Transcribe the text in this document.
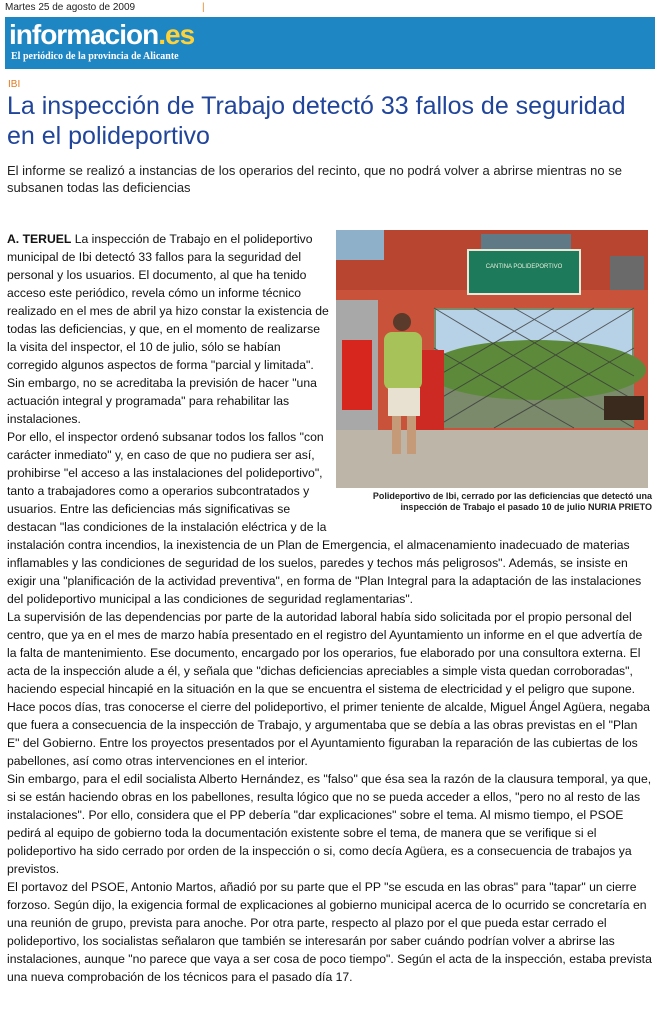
Martes 25 de agosto de 2009	|
informacion.es
El periódico de la provincia de Alicante
IBI
La inspección de Trabajo detectó 33 fallos de seguridad en el polideportivo
El informe se realizó a instancias de los operarios del recinto, que no podrá volver a abrirse mientras no se subsanen todas las deficiencias
CANTINA POLIDEPORTIVO
Polideportivo de Ibi, cerrado por las deficiencias que detectó una inspección de Trabajo el pasado 10 de julio NURIA PRIETO

A. TERUEL La inspección de Trabajo en el polideportivo municipal de Ibi detectó 33 fallos para la seguridad del personal y los usuarios. El documento, al que ha tenido acceso este periódico, revela cómo un informe técnico realizado en el mes de abril ya hizo constar la existencia de todas las deficiencias, y que, en el momento de realizarse la visita del inspector, el 10 de julio, sólo se habían corregido algunos aspectos de forma "parcial y limitada". Sin embargo, no se acreditaba la previsión de hacer "una actuación integral y programada" para rehabilitar las instalaciones.

Por ello, el inspector ordenó subsanar todos los fallos "con carácter inmediato" y, en caso de que no pudiera ser así, prohibirse "el acceso a las instalaciones del polideportivo", tanto a trabajadores como a operarios subcontratados y usuarios. Entre las deficiencias más significativas se destacan "las condiciones de la instalación eléctrica y de la instalación contra incendios, la inexistencia de un Plan de Emergencia, el almacenamiento inadecuado de materias inflamables y las condiciones de seguridad de los suelos, paredes y techos más peligrosos". Además, se insiste en exigir una "planificación de la actividad preventiva", en forma de "Plan Integral para la adaptación de las instalaciones del polideportivo municipal a las condiciones de seguridad reglamentarias".

La supervisión de las dependencias por parte de la autoridad laboral había sido solicitada por el propio personal del centro, que ya en el mes de marzo había presentado en el registro del Ayuntamiento un informe en el que advertía de la falta de mantenimiento. Ese documento, encargado por los operarios, fue elaborado por una consultora externa. El acta de la inspección alude a él, y señala que "dichas deficiencias apreciables a simple vista quedan corroboradas", haciendo especial hincapié en la situación en la que se encuentra el sistema de electricidad y el peligro que supone.

Hace pocos días, tras conocerse el cierre del polideportivo, el primer teniente de alcalde, Miguel Ángel Agüera, negaba que fuera a consecuencia de la inspección de Trabajo, y argumentaba que se debía a las obras previstas en el "Plan E" del Gobierno. Entre los proyectos presentados por el Ayuntamiento figuraban la reparación de las cubiertas de los pabellones, así como otras intervenciones en el interior.

Sin embargo, para el edil socialista Alberto Hernández, es "falso" que ésa sea la razón de la clausura temporal, ya que, si se están haciendo obras en los pabellones, resulta lógico que no se pueda acceder a ellos, "pero no al resto de las instalaciones". Por ello, considera que el PP debería "dar explicaciones" sobre el tema. Al mismo tiempo, el PSOE pedirá al equipo de gobierno toda la documentación existente sobre el tema, de manera que se verifique si el polideportivo ha sido cerrado por orden de la inspección o si, como decía Agüera, es a consecuencia de trabajos ya previstos.

El portavoz del PSOE, Antonio Martos, añadió por su parte que el PP "se escuda en las obras" para "tapar" un cierre forzoso. Según dijo, la exigencia formal de explicaciones al gobierno municipal acerca de lo ocurrido se concretaría en una reunión de grupo, prevista para anoche. Por otra parte, respecto al plazo por el que pueda estar cerrado el polideportivo, los socialistas señalaron que también se interesarán por saber cuándo podrían volver a abrirse las instalaciones, aunque "no parece que vaya a ser cosa de poco tiempo". Según el acta de la inspección, estaba prevista una nueva comprobación de los técnicos para el pasado día 17.
